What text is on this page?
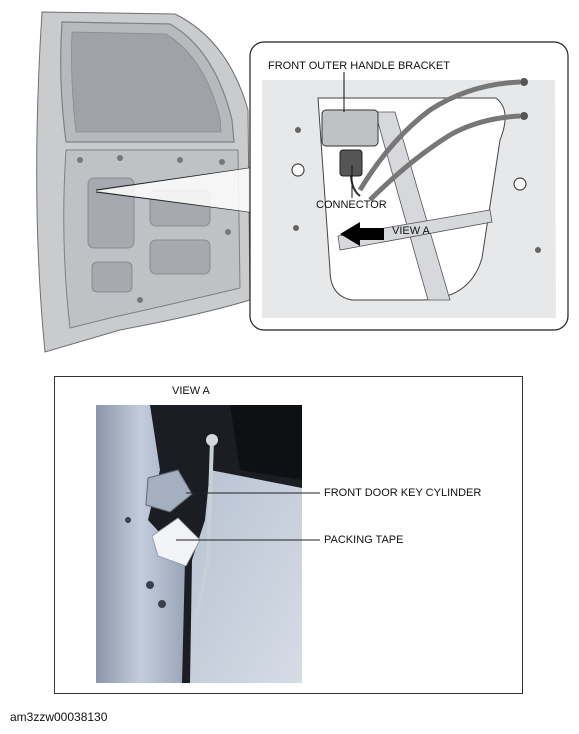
FRONT OUTER HANDLE BRACKET
CONNECTOR
VIEW A
VIEW A
FRONT DOOR KEY CYLINDER
PACKING TAPE
am3zzw00038130
